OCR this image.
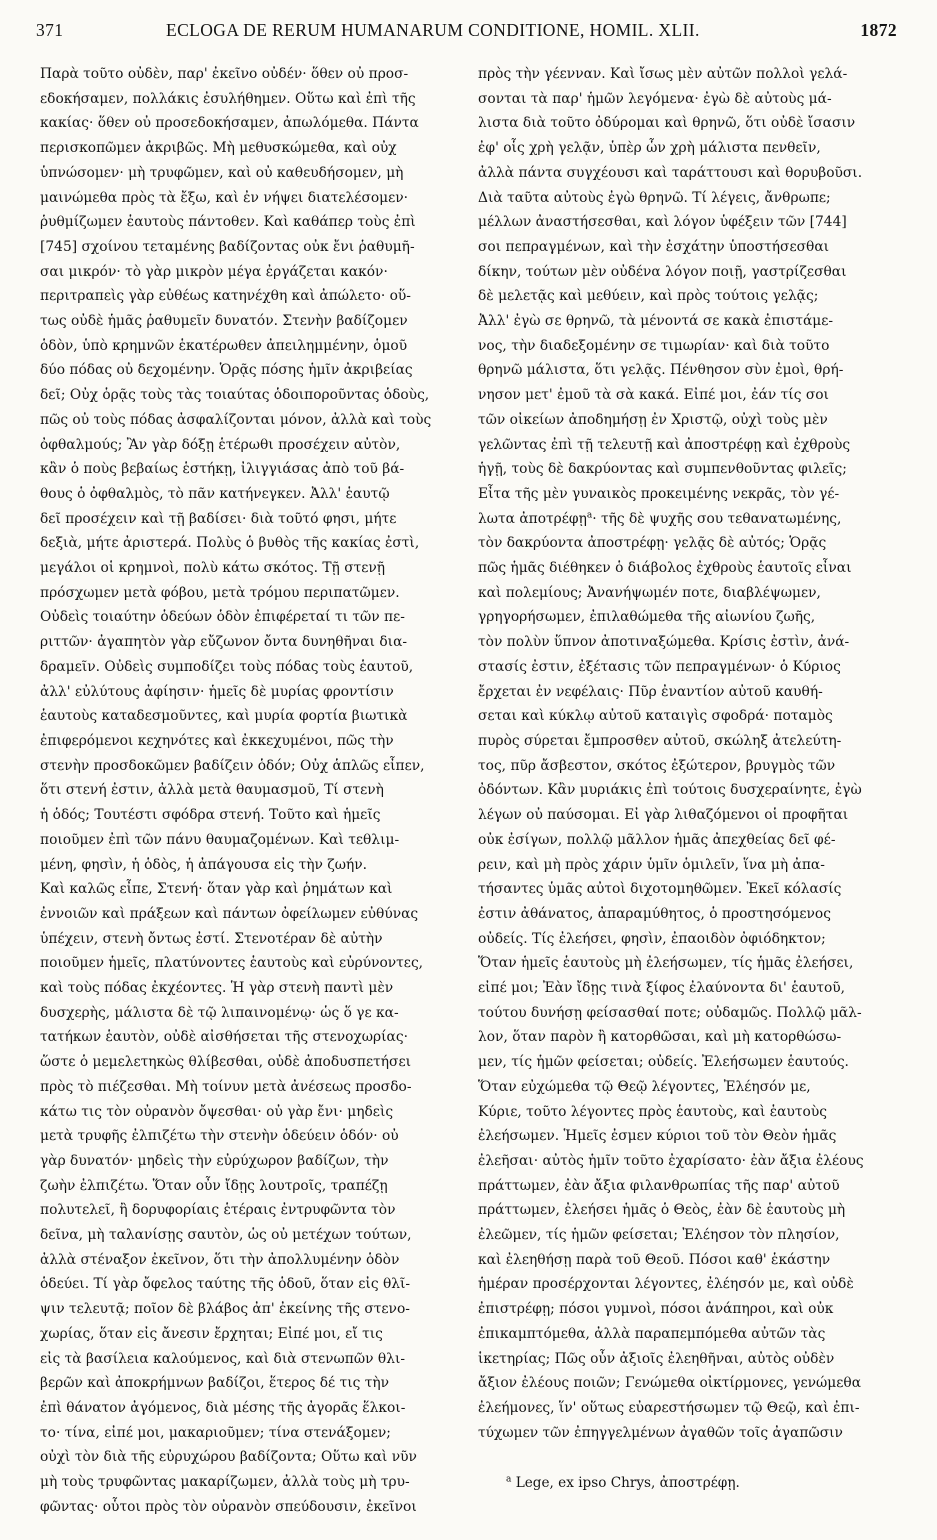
371	ECLOGA DE RERUM HUMANARUM CONDITIONE, HOMIL. XLII.	1872
Παρὰ τοῦτο οὐδὲν, παρ' ἐκεῖνο οὐδέν· ὅθεν οὐ προσ-
εδοκήσαμεν, πολλάκις ἐσυλήθημεν. Οὕτω καὶ ἐπὶ τῆς
κακίας· ὅθεν οὐ προσεδοκήσαμεν, ἀπωλόμεθα. Πάντα
περισκοπῶμεν ἀκριβῶς. Μὴ μεθυσκώμεθα, καὶ οὐχ
ὑπνώσομεν· μὴ τρυφῶμεν, καὶ οὐ καθευδήσομεν, μὴ
μαινώμεθα πρὸς τὰ ἔξω, καὶ ἐν νήψει διατελέσομεν·
ῥυθμίζωμεν ἑαυτοὺς πάντοθεν. Καὶ καθάπερ τοὺς ἐπὶ
[745] σχοίνου τεταμένης βαδίζοντας οὐκ ἔνι ῥαθυμῆ-
σαι μικρόν· τὸ γὰρ μικρὸν μέγα ἐργάζεται κακόν·
περιτραπεὶς γὰρ εὐθέως κατηνέχθη καὶ ἀπώλετο· οὕ-
τως οὐδὲ ἡμᾶς ῥαθυμεῖν δυνατόν. Στενὴν βαδίζομεν
ὁδὸν, ὑπὸ κρημνῶν ἑκατέρωθεν ἀπειλημμένην, ὁμοῦ
δύο πόδας οὐ δεχομένην. Ὁρᾷς πόσης ἡμῖν ἀκριβείας
δεῖ; Οὐχ ὁρᾷς τοὺς τὰς τοιαύτας ὁδοιποροῦντας ὁδοὺς,
πῶς οὐ τοὺς πόδας ἀσφαλίζονται μόνον, ἀλλὰ καὶ τοὺς
ὀφθαλμούς; Ἂν γὰρ δόξῃ ἑτέρωθι προσέχειν αὐτὸν,
κἂν ὁ ποὺς βεβαίως ἑστήκῃ, ἰλιγγιάσας ἀπὸ τοῦ βά-
θους ὁ ὀφθαλμὸς, τὸ πᾶν κατήνεγκεν. Ἀλλ' ἑαυτῷ
δεῖ προσέχειν καὶ τῇ βαδίσει· διὰ τοῦτό φησι, μήτε
δεξιὰ, μήτε ἀριστερά. Πολὺς ὁ βυθὸς τῆς κακίας ἐστὶ,
μεγάλοι οἱ κρημνοὶ, πολὺ κάτω σκότος. Τῇ στενῇ
πρόσχωμεν μετὰ φόβου, μετὰ τρόμου περιπατῶμεν.
Οὐδεὶς τοιαύτην ὁδεύων ὁδὸν ἐπιφέρεταί τι τῶν πε-
ριττῶν· ἀγαπητὸν γὰρ εὔζωνον ὄντα δυνηθῆναι δια-
δραμεῖν. Οὐδεὶς συμποδίζει τοὺς πόδας τοὺς ἑαυτοῦ,
ἀλλ' εὐλύτους ἀφίησιν· ἡμεῖς δὲ μυρίας φροντίσιν
ἑαυτοὺς καταδεσμοῦντες, καὶ μυρία φορτία βιωτικὰ
ἐπιφερόμενοι κεχηνότες καὶ ἐκκεχυμένοι, πῶς τὴν
στενὴν προσδοκῶμεν βαδίζειν ὁδόν; Οὐχ ἁπλῶς εἶπεν,
ὅτι στενή ἐστιν, ἀλλὰ μετὰ θαυμασμοῦ, Τί στενὴ
ἡ ὁδός; Τουτέστι σφόδρα στενή. Τοῦτο καὶ ἡμεῖς
ποιοῦμεν ἐπὶ τῶν πάνυ θαυμαζομένων. Καὶ τεθλιμ-
μένη, φησὶν, ἡ ὁδὸς, ἡ ἀπάγουσα εἰς τὴν ζωήν.
Καὶ καλῶς εἶπε, Στενή· ὅταν γὰρ καὶ ῥημάτων καὶ
ἐννοιῶν καὶ πράξεων καὶ πάντων ὀφείλωμεν εὐθύνας
ὑπέχειν, στενὴ ὄντως ἐστί. Στενοτέραν δὲ αὐτὴν
ποιοῦμεν ἡμεῖς, πλατύνοντες ἑαυτοὺς καὶ εὐρύνοντες,
καὶ τοὺς πόδας ἐκχέοντες. Ἡ γὰρ στενὴ παντὶ μὲν
δυσχερὴς, μάλιστα δὲ τῷ λιπαινομένῳ· ὡς ὅ γε κα-
τατήκων ἑαυτὸν, οὐδὲ αἰσθήσεται τῆς στενοχωρίας·
ὥστε ὁ μεμελετηκὼς θλίβεσθαι, οὐδὲ ἀποδυσπετήσει
πρὸς τὸ πιέζεσθαι. Μὴ τοίνυν μετὰ ἀνέσεως προσδο-
κάτω τις τὸν οὐρανὸν ὄψεσθαι· οὐ γὰρ ἔνι· μηδεὶς
μετὰ τρυφῆς ἐλπιζέτω τὴν στενὴν ὁδεύειν ὁδόν· οὐ
γὰρ δυνατόν· μηδεὶς τὴν εὐρύχωρον βαδίζων, τὴν
ζωὴν ἐλπιζέτω. Ὅταν οὖν ἴδῃς λουτροῖς, τραπέζῃ
πολυτελεῖ, ἢ δορυφορίαις ἑτέραις ἐντρυφῶντα τὸν
δεῖνα, μὴ ταλανίσῃς σαυτὸν, ὡς οὐ μετέχων τούτων,
ἀλλὰ στέναξον ἐκεῖνον, ὅτι τὴν ἀπολλυμένην ὁδὸν
ὁδεύει. Τί γὰρ ὄφελος ταύτης τῆς ὁδοῦ, ὅταν εἰς θλῖ-
ψιν τελευτᾷ; ποῖον δὲ βλάβος ἀπ' ἐκείνης τῆς στενο-
χωρίας, ὅταν εἰς ἄνεσιν ἔρχηται; Εἰπέ μοι, εἴ τις
εἰς τὰ βασίλεια καλούμενος, καὶ διὰ στενωπῶν θλι-
βερῶν καὶ ἀποκρήμνων βαδίζοι, ἕτερος δέ τις τὴν
ἐπὶ θάνατον ἀγόμενος, διὰ μέσης τῆς ἀγορᾶς ἕλκοι-
το· τίνα, εἰπέ μοι, μακαριοῦμεν; τίνα στενάξομεν;
οὐχὶ τὸν διὰ τῆς εὐρυχώρου βαδίζοντα; Οὕτω καὶ νῦν
μὴ τοὺς τρυφῶντας μακαρίζωμεν, ἀλλὰ τοὺς μὴ τρυ-
φῶντας· οὗτοι πρὸς τὸν οὐρανὸν σπεύδουσιν, ἐκεῖνοι
πρὸς τὴν γέενναν. Καὶ ἴσως μὲν αὐτῶν πολλοὶ γελά-
σονται τὰ παρ' ἡμῶν λεγόμενα· ἐγὼ δὲ αὐτοὺς μά-
λιστα διὰ τοῦτο ὀδύρομαι καὶ θρηνῶ, ὅτι οὐδὲ ἴσασιν
ἐφ' οἷς χρὴ γελᾷν, ὑπὲρ ὧν χρὴ μάλιστα πενθεῖν,
ἀλλὰ πάντα συγχέουσι καὶ ταράττουσι καὶ θορυβοῦσι.
Διὰ ταῦτα αὐτοὺς ἐγὼ θρηνῶ. Τί λέγεις, ἄνθρωπε;
μέλλων ἀναστήσεσθαι, καὶ λόγον ὑφέξειν τῶν [744]
σοι πεπραγμένων, καὶ τὴν ἐσχάτην ὑποστήσεσθαι
δίκην, τούτων μὲν οὐδένα λόγον ποιῇ, γαστρίζεσθαι
δὲ μελετᾷς καὶ μεθύειν, καὶ πρὸς τούτοις γελᾷς;
Ἀλλ' ἐγὼ σε θρηνῶ, τὰ μένοντά σε κακὰ ἐπιστάμε-
νος, τὴν διαδεξομένην σε τιμωρίαν· καὶ διὰ τοῦτο
θρηνῶ μάλιστα, ὅτι γελᾷς. Πένθησον σὺν ἐμοὶ, θρή-
νησον μετ' ἐμοῦ τὰ σὰ κακά. Εἰπέ μοι, ἐάν τίς σοι
τῶν οἰκείων ἀποδημήσῃ ἐν Χριστῷ, οὐχὶ τοὺς μὲν
γελῶντας ἐπὶ τῇ τελευτῇ καὶ ἀποστρέφῃ καὶ ἐχθροὺς
ἡγῇ, τοὺς δὲ δακρύοντας καὶ συμπενθοῦντας φιλεῖς;
Εἶτα τῆς μὲν γυναικὸς προκειμένης νεκρᾶς, τὸν γέ-
λωτα ἀποτρέφῃ$^a$· τῆς δὲ ψυχῆς σου τεθανατωμένης,
τὸν δακρύοντα ἀποστρέφῃ· γελᾷς δὲ αὐτός; Ὁρᾷς
πῶς ἡμᾶς διέθηκεν ὁ διάβολος ἐχθροὺς ἑαυτοῖς εἶναι
καὶ πολεμίους; Ἀνανήψωμέν ποτε, διαβλέψωμεν,
γρηγορήσωμεν, ἐπιλαθώμεθα τῆς αἰωνίου ζωῆς,
τὸν πολὺν ὕπνον ἀποτιναξώμεθα. Κρίσις ἐστὶν, ἀνά-
στασίς ἐστιν, ἐξέτασις τῶν πεπραγμένων· ὁ Κύριος
ἔρχεται ἐν νεφέλαις· Πῦρ ἐναντίον αὐτοῦ καυθή-
σεται καὶ κύκλῳ αὐτοῦ καταιγὶς σφοδρά· ποταμὸς
πυρὸς σύρεται ἔμπροσθεν αὐτοῦ, σκώληξ ἀτελεύτη-
τος, πῦρ ἄσβεστον, σκότος ἐξώτερον, βρυγμὸς τῶν
ὀδόντων. Κἂν μυριάκις ἐπὶ τούτοις δυσχεραίνητε, ἐγὼ
λέγων οὐ παύσομαι. Εἰ γὰρ λιθαζόμενοι οἱ προφῆται
οὐκ ἐσίγων, πολλῷ μᾶλλον ἡμᾶς ἀπεχθείας δεῖ φέ-
ρειν, καὶ μὴ πρὸς χάριν ὑμῖν ὁμιλεῖν, ἵνα μὴ ἀπα-
τήσαντες ὑμᾶς αὐτοὶ διχοτομηθῶμεν. Ἐκεῖ κόλασίς
ἐστιν ἀθάνατος, ἀπαραμύθητος, ὁ προστησόμενος
οὐδείς. Τίς ἐλεήσει, φησὶν, ἐπαοιδὸν ὀφιόδηκτον;
Ὅταν ἡμεῖς ἑαυτοὺς μὴ ἐλεήσωμεν, τίς ἡμᾶς ἐλεήσει,
εἰπέ μοι; Ἐὰν ἴδῃς τινὰ ξίφος ἐλαύνοντα δι' ἑαυτοῦ,
τούτου δυνήσῃ φείσασθαί ποτε; οὐδαμῶς. Πολλῷ μᾶλ-
λον, ὅταν παρὸν ἢ κατορθῶσαι, καὶ μὴ κατορθώσω-
μεν, τίς ἡμῶν φείσεται; οὐδείς. Ἐλεήσωμεν ἑαυτούς.
Ὅταν εὐχώμεθα τῷ Θεῷ λέγοντες, Ἐλέησόν με,
Κύριε, τοῦτο λέγοντες πρὸς ἑαυτοὺς, καὶ ἑαυτοὺς
ἐλεήσωμεν. Ἡμεῖς ἐσμεν κύριοι τοῦ τὸν Θεὸν ἡμᾶς
ἐλεῆσαι· αὐτὸς ἡμῖν τοῦτο ἐχαρίσατο· ἐὰν ἄξια ἐλέους
πράττωμεν, ἐὰν ἄξια φιλανθρωπίας τῆς παρ' αὐτοῦ
πράττωμεν, ἐλεήσει ἡμᾶς ὁ Θεὸς, ἐὰν δὲ ἑαυτοὺς μὴ
ἐλεῶμεν, τίς ἡμῶν φείσεται; Ἐλέησον τὸν πλησίον,
καὶ ἐλεηθήσῃ παρὰ τοῦ Θεοῦ. Πόσοι καθ' ἑκάστην
ἡμέραν προσέρχονται λέγοντες, ἐλέησόν με, καὶ οὐδὲ
ἐπιστρέφῃ; πόσοι γυμνοὶ, πόσοι ἀνάπηροι, καὶ οὐκ
ἐπικαμπτόμεθα, ἀλλὰ παραπεμπόμεθα αὐτῶν τὰς
ἱκετηρίας; Πῶς οὖν ἀξιοῖς ἐλεηθῆναι, αὐτὸς οὐδὲν
ἄξιον ἐλέους ποιῶν; Γενώμεθα οἰκτίρμονες, γενώμεθα
ἐλεήμονες, ἵν' οὕτως εὐαρεστήσωμεν τῷ Θεῷ, καὶ ἐπι-
τύχωμεν τῶν ἐπηγγελμένων ἀγαθῶν τοῖς ἀγαπῶσιν
$^a$ Lege, ex ipso Chrys, ἀποστρέφῃ.
